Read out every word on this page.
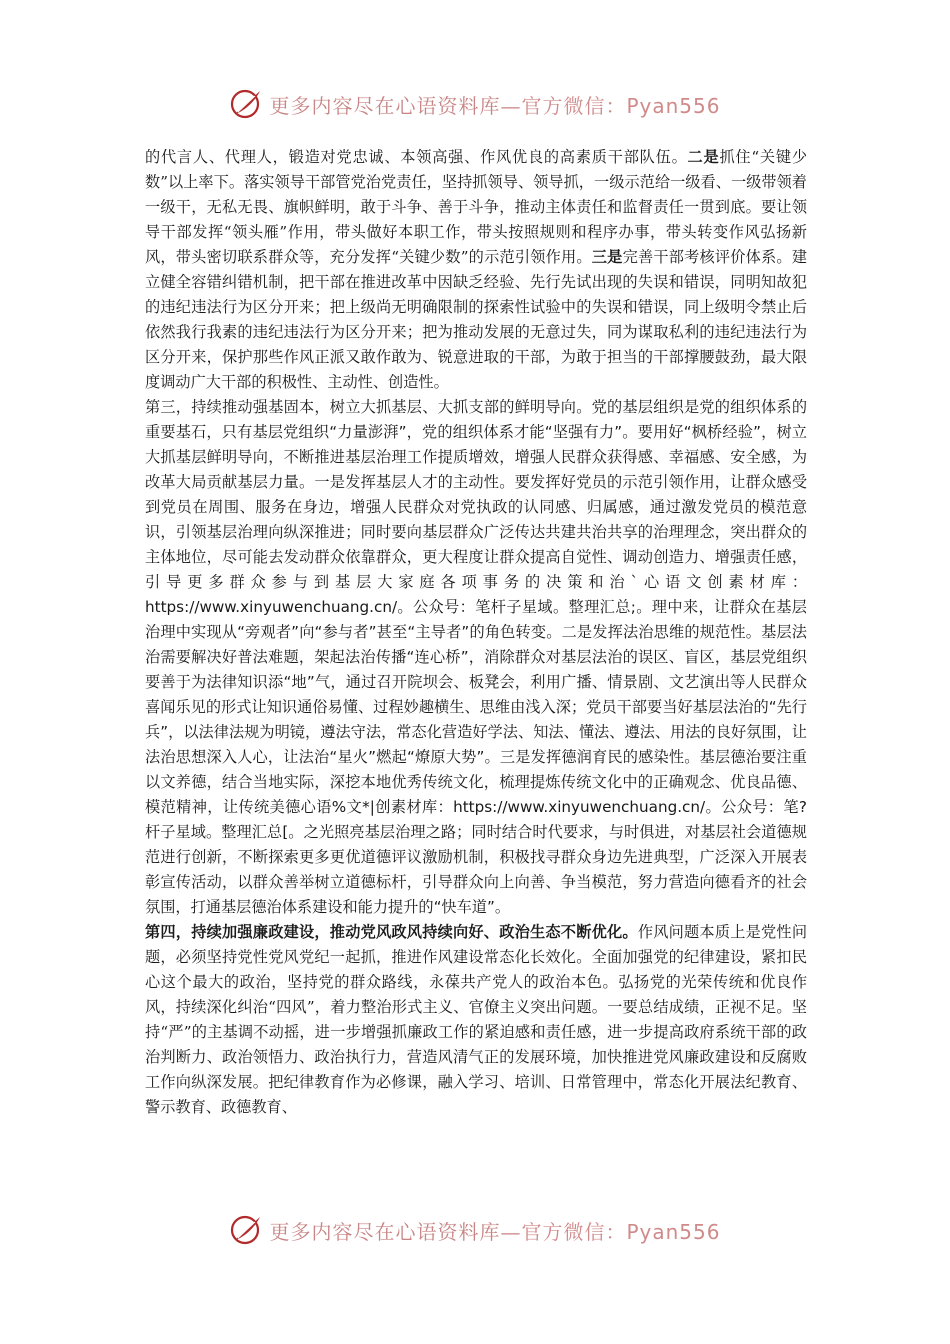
更多内容尽在心语资料库—官方微信：Pyan556

的代言人、代理人，锻造对党忠诚、本领高强、作风优良的高素质干部队伍。二是抓住“关键少数”以上率下。落实领导干部管党治党责任，坚持抓领导、领导抓，一级示范给一级看、一级带领着一级干，无私无畏、旗帜鲜明，敢于斗争、善于斗争，推动主体责任和监督责任一贯到底。要让领导干部发挥“领头雁”作用，带头做好本职工作，带头按照规则和程序办事，带头转变作风弘扬新风，带头密切联系群众等，充分发挥“关键少数”的示范引领作用。三是完善干部考核评价体系。建立健全容错纠错机制，把干部在推进改革中因缺乏经验、先行先试出现的失误和错误，同明知故犯的违纪违法行为区分开来；把上级尚无明确限制的探索性试验中的失误和错误，同上级明令禁止后依然我行我素的违纪违法行为区分开来；把为推动发展的无意过失，同为谋取私利的违纪违法行为区分开来，保护那些作风正派又敢作敢为、锐意进取的干部，为敢于担当的干部撑腰鼓劲，最大限度调动广大干部的积极性、主动性、创造性。

第三，持续推动强基固本，树立大抓基层、大抓支部的鲜明导向。党的基层组织是党的组织体系的重要基石，只有基层党组织“力量澎湃”，党的组织体系才能“坚强有力”。要用好“枫桥经验”，树立大抓基层鲜明导向，不断推进基层治理工作提质增效，增强人民群众获得感、幸福感、安全感，为改革大局贡献基层力量。一是发挥基层人才的主动性。要发挥好党员的示范引领作用，让群众感受到党员在周围、服务在身边，增强人民群众对党执政的认同感、归属感，通过激发党员的模范意识，引领基层治理向纵深推进；同时要向基层群众广泛传达共建共治共享的治理理念，突出群众的主体地位，尽可能去发动群众依靠群众，更大程度让群众提高自觉性、调动创造力、增强责任感，引导更多群众参与到基层大家庭各项事务的决策和治`心语文创素材库：https://www.xinyuwenchuang.cn/。公众号：笔杆子星域。整理汇总;。理中来，让群众在基层治理中实现从“旁观者”向“参与者”甚至“主导者”的角色转变。二是发挥法治思维的规范性。基层法治需要解决好普法难题，架起法治传播“连心桥”，消除群众对基层法治的误区、盲区，基层党组织要善于为法律知识添“地”气，通过召开院坝会、板凳会，利用广播、情景剧、文艺演出等人民群众喜闻乐见的形式让知识通俗易懂、过程妙趣横生、思维由浅入深；党员干部要当好基层法治的“先行兵”，以法律法规为明镜，遵法守法，常态化营造好学法、知法、懂法、遵法、用法的良好氛围，让法治思想深入人心，让法治“星火”燃起“燎原大势”。三是发挥德润育民的感染性。基层德治要注重以文养德，结合当地实际，深挖本地优秀传统文化，梳理提炼传统文化中的正确观念、优良品德、模范精神，让传统美德心语%文*|创素材库：https://www.xinyuwenchuang.cn/。公众号：笔?杆子星域。整理汇总[。之光照亮基层治理之路；同时结合时代要求，与时俱进，对基层社会道德规范进行创新，不断探索更多更优道德评议激励机制，积极找寻群众身边先进典型，广泛深入开展表彰宣传活动，以群众善举树立道德标杆，引导群众向上向善、争当模范，努力营造向德看齐的社会氛围，打通基层德治体系建设和能力提升的“快车道”。

第四，持续加强廉政建设，推动党风政风持续向好、政治生态不断优化。作风问题本质上是党性问题，必须坚持党性党风党纪一起抓，推进作风建设常态化长效化。全面加强党的纪律建设，紧扣民心这个最大的政治，坚持党的群众路线，永葆共产党人的政治本色。弘扬党的光荣传统和优良作风，持续深化纠治“四风”，着力整治形式主义、官僚主义突出问题。一要总结成绩，正视不足。坚持“严”的主基调不动摇，进一步增强抓廉政工作的紧迫感和责任感，进一步提高政府系统干部的政治判断力、政治领悟力、政治执行力，营造风清气正的发展环境，加快推进党风廉政建设和反腐败工作向纵深发展。把纪律教育作为必修课，融入学习、培训、日常管理中，常态化开展法纪教育、警示教育、政德教育、

更多内容尽在心语资料库—官方微信：Pyan556
